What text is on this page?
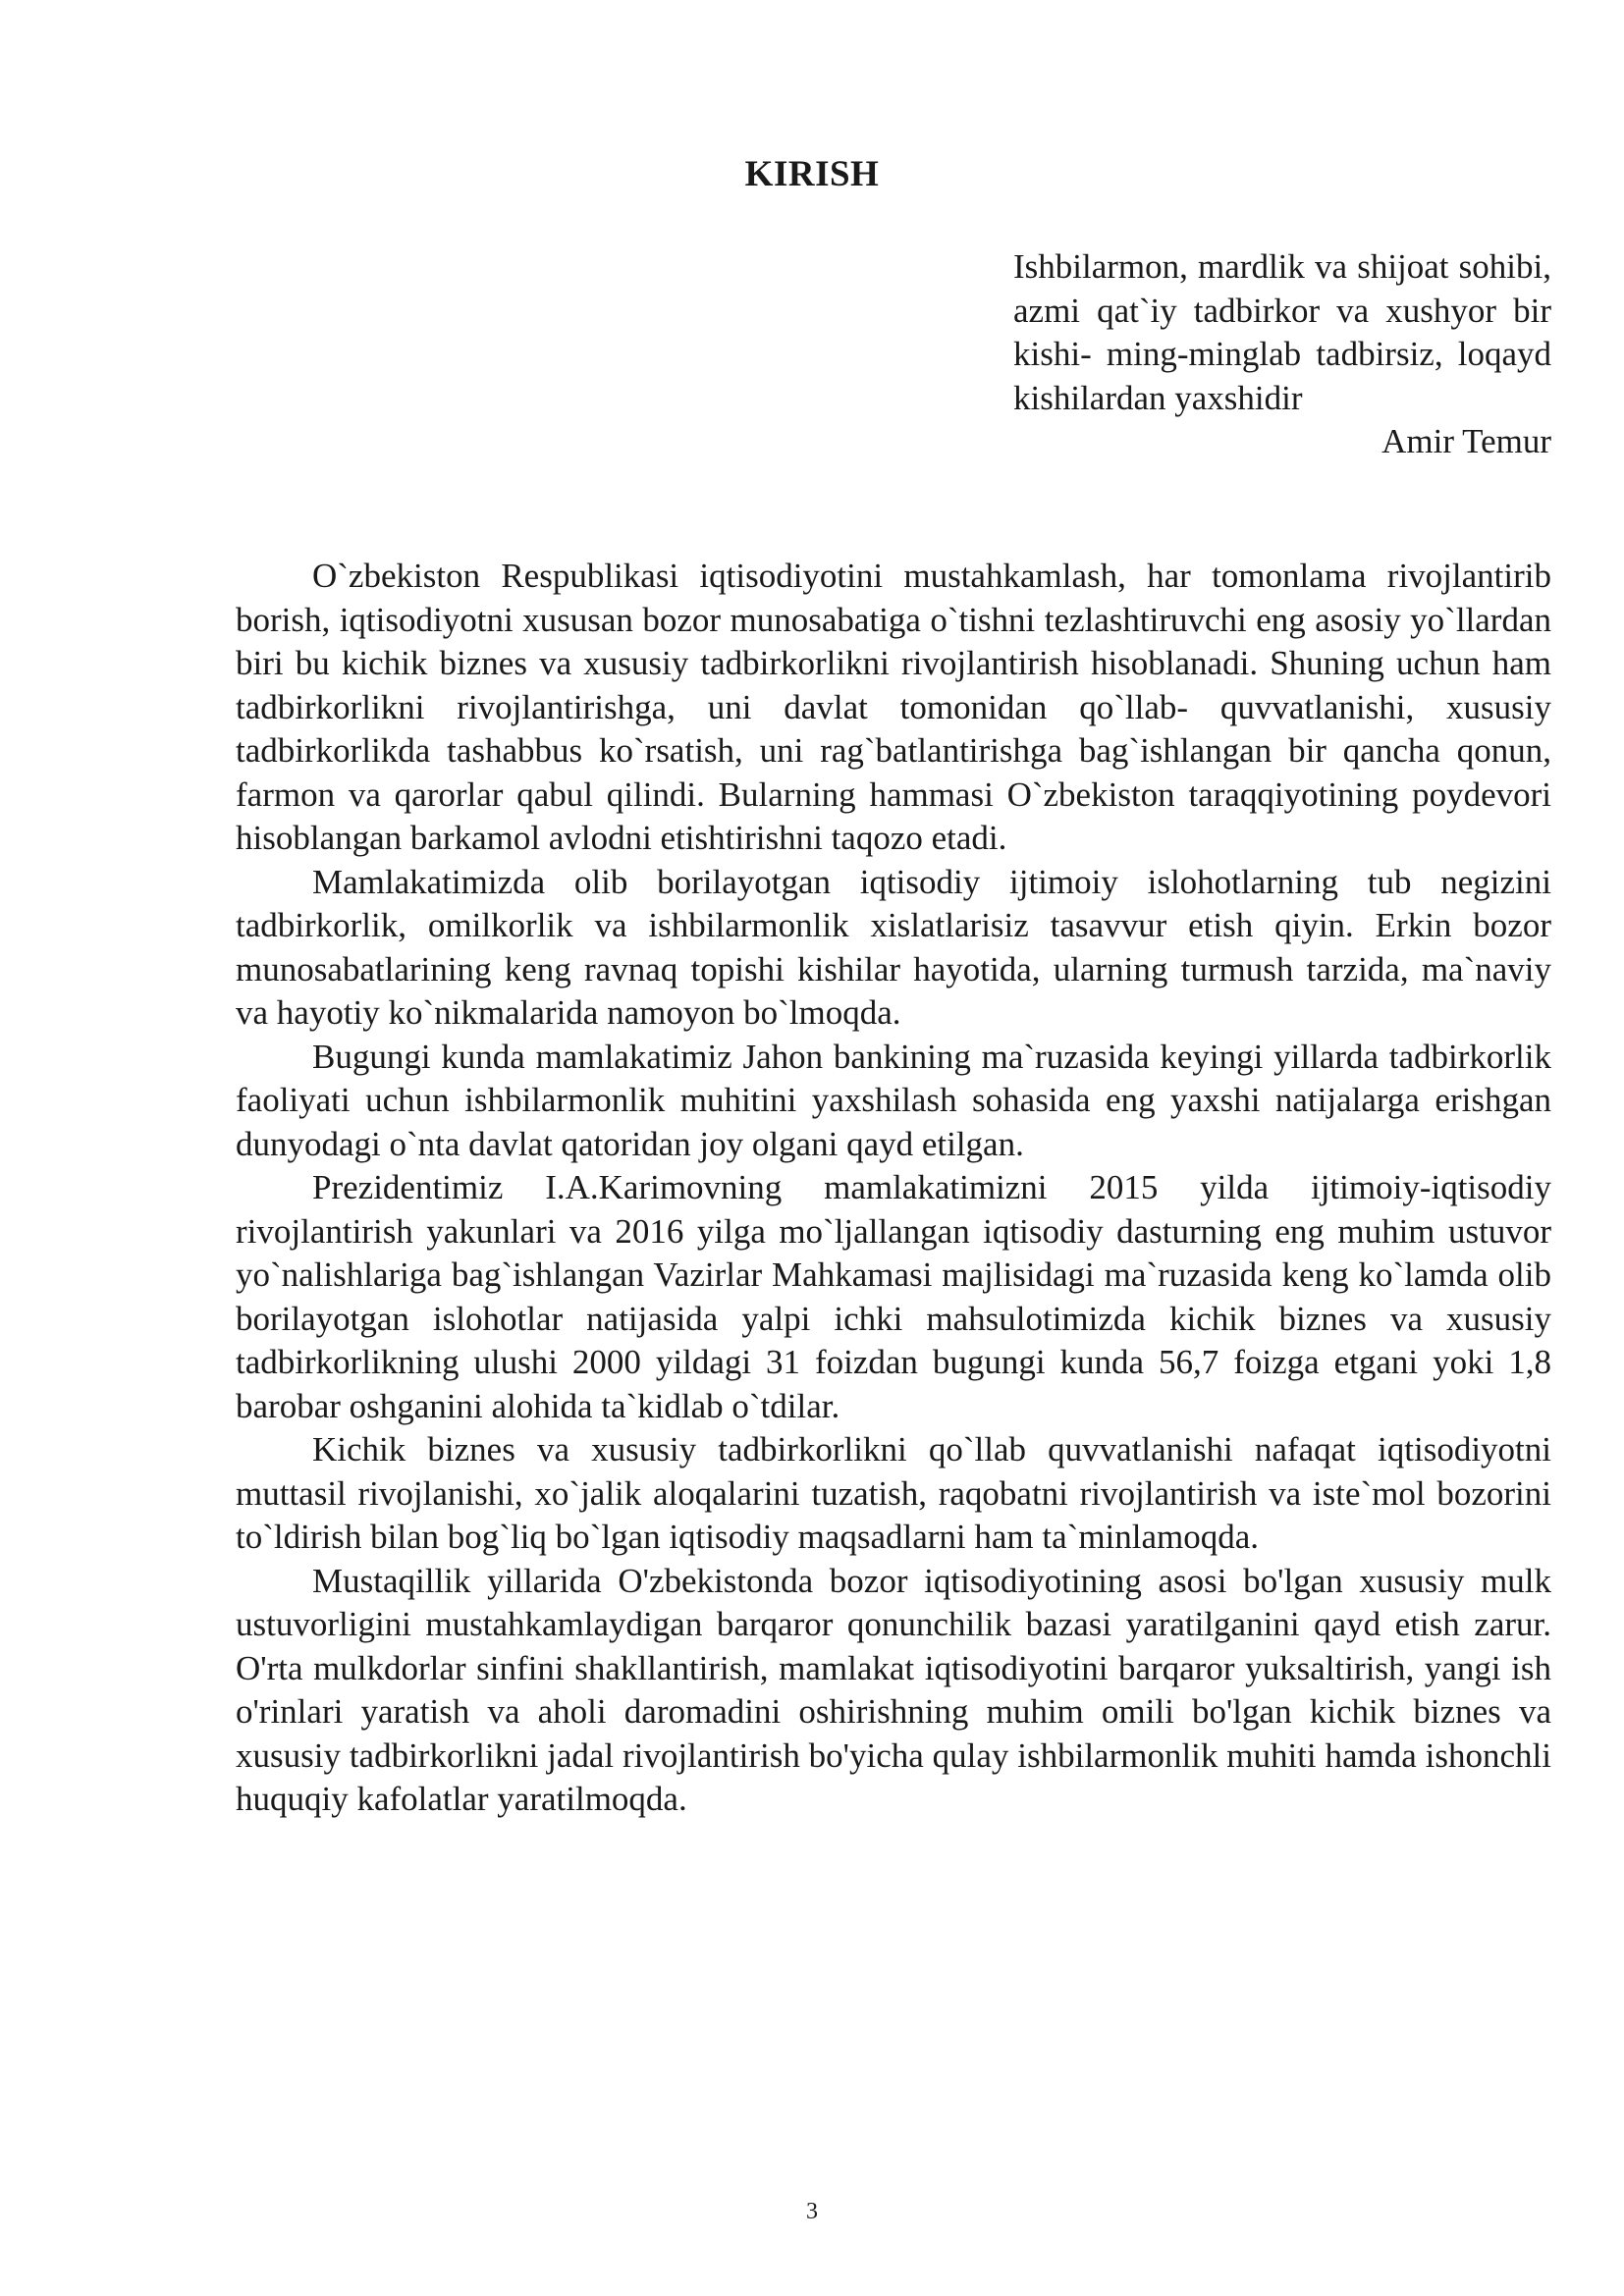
KIRISH

Ishbilarmon, mardlik va shijoat sohibi, azmi qat`iy tadbirkor va xushyor bir kishi- ming-minglab tadbirsiz, loqayd kishilardan yaxshidir

Amir Temur

O`zbekiston Respublikasi iqtisodiyotini mustahkamlash, har tomonlama rivojlantirib borish, iqtisodiyotni xususan bozor munosabatiga o`tishni tezlashtiruvchi eng asosiy yo`llardan biri bu kichik biznes va xususiy tadbirkorlikni rivojlantirish hisoblanadi. Shuning uchun ham tadbirkorlikni rivojlantirishga, uni davlat tomonidan qo`llab- quvvatlanishi, xususiy tadbirkorlikda tashabbus ko`rsatish, uni rag`batlantirishga bag`ishlangan bir qancha qonun, farmon va qarorlar qabul qilindi. Bularning hammasi O`zbekiston taraqqiyotining poydevori hisoblangan barkamol avlodni etishtirishni taqozo etadi.

Mamlakatimizda olib borilayotgan iqtisodiy ijtimoiy islohotlarning tub negizini tadbirkorlik, omilkorlik va ishbilarmonlik xislatlarisiz tasavvur etish qiyin. Erkin bozor munosabatlarining keng ravnaq topishi kishilar hayotida, ularning turmush tarzida, ma`naviy va hayotiy ko`nikmalarida namoyon bo`lmoqda.

Bugungi kunda mamlakatimiz Jahon bankining ma`ruzasida keyingi yillarda tadbirkorlik faoliyati uchun ishbilarmonlik muhitini yaxshilash sohasida eng yaxshi natijalarga erishgan dunyodagi o`nta davlat qatoridan joy olgani qayd etilgan.

Prezidentimiz I.A.Karimovning mamlakatimizni 2015 yilda ijtimoiy-iqtisodiy rivojlantirish yakunlari va 2016 yilga mo`ljallangan iqtisodiy dasturning eng muhim ustuvor yo`nalishlariga bag`ishlangan Vazirlar Mahkamasi majlisidagi ma`ruzasida keng ko`lamda olib borilayotgan islohotlar natijasida yalpi ichki mahsulotimizda kichik biznes va xususiy tadbirkorlikning ulushi 2000 yildagi 31 foizdan bugungi kunda 56,7 foizga etgani yoki 1,8 barobar oshganini alohida ta`kidlab o`tdilar.

Kichik biznes va xususiy tadbirkorlikni qo`llab quvvatlanishi nafaqat iqtisodiyotni muttasil rivojlanishi, xo`jalik aloqalarini tuzatish, raqobatni rivojlantirish va iste`mol bozorini to`ldirish bilan bog`liq bo`lgan iqtisodiy maqsadlarni ham ta`minlamoqda.

Mustaqillik yillarida O'zbekistonda bozor iqtisodiyotining asosi bo'lgan xususiy mulk ustuvorligini mustahkamlaydigan barqaror qonunchilik bazasi yaratilganini qayd etish zarur. O'rta mulkdorlar sinfini shakllantirish, mamlakat iqtisodiyotini barqaror yuksaltirish, yangi ish o'rinlari yaratish va aholi daromadini oshirishning muhim omili bo'lgan kichik biznes va xususiy tadbirkorlikni jadal rivojlantirish bo'yicha qulay ishbilarmonlik muhiti hamda ishonchli huquqiy kafolatlar yaratilmoqda.

3
